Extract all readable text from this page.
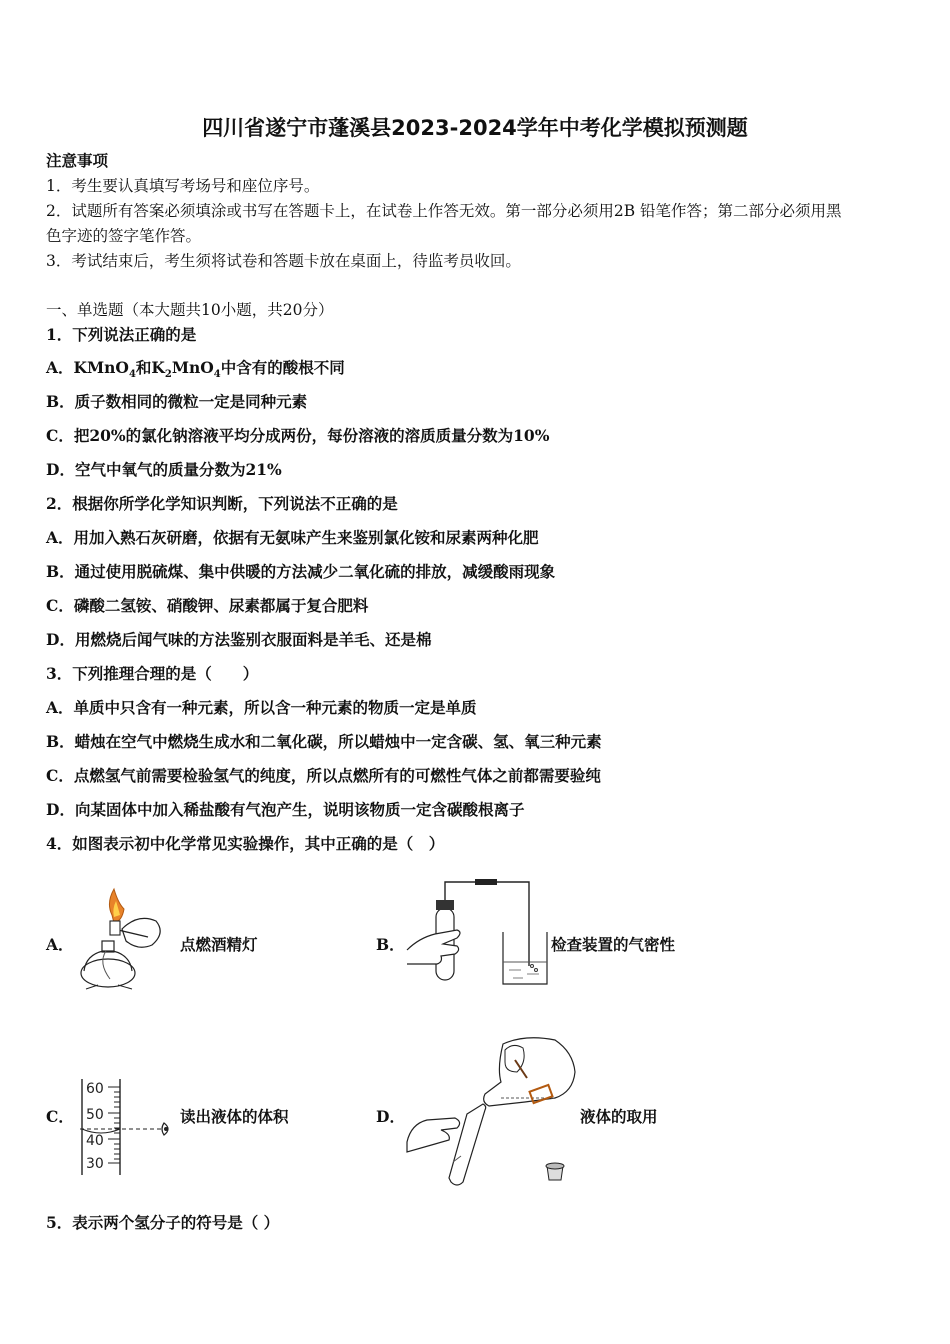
四川省遂宁市蓬溪县2023-2024学年中考化学模拟预测题
注意事项
1．考生要认真填写考场号和座位序号。
2．试题所有答案必须填涂或书写在答题卡上，在试卷上作答无效。第一部分必须用2B 铅笔作答；第二部分必须用黑
色字迹的签字笔作答。
3．考试结束后，考生须将试卷和答题卡放在桌面上，待监考员收回。
一、单选题（本大题共10小题，共20分）
1．下列说法正确的是
A．KMnO$_4$和$K_2MnO_4$中含有的酸根不同
B．质子数相同的微粒一定是同种元素
C．把20%的氯化钠溶液平均分成两份，每份溶液的溶质质量分数为10%
D．空气中氧气的质量分数为21%
2．根据你所学化学知识判断，下列说法不正确的是
A．用加入熟石灰研磨，依据有无氨味产生来鉴别氯化铵和尿素两种化肥
B．通过使用脱硫煤、集中供暖的方法减少二氧化硫的排放，减缓酸雨现象
C．磷酸二氢铵、硝酸钾、尿素都属于复合肥料
D．用燃烧后闻气味的方法鉴别衣服面料是羊毛、还是棉
3．下列推理合理的是（　　）
A．单质中只含有一种元素，所以含一种元素的物质一定是单质
B．蜡烛在空气中燃烧生成水和二氧化碳，所以蜡烛中一定含碳、氢、氧三种元素
C．点燃氢气前需要检验氢气的纯度，所以点燃所有的可燃性气体之前都需要验纯
D．向某固体中加入稀盐酸有气泡产生，说明该物质一定含碳酸根离子
4．如图表示初中化学常见实验操作，其中正确的是（　）
A．	点燃酒精灯	B．	检查装置的气密性
C．
60
50
40
30
读出液体的体积	D．	液体的取用
5．表示两个氢分子的符号是（ ）
